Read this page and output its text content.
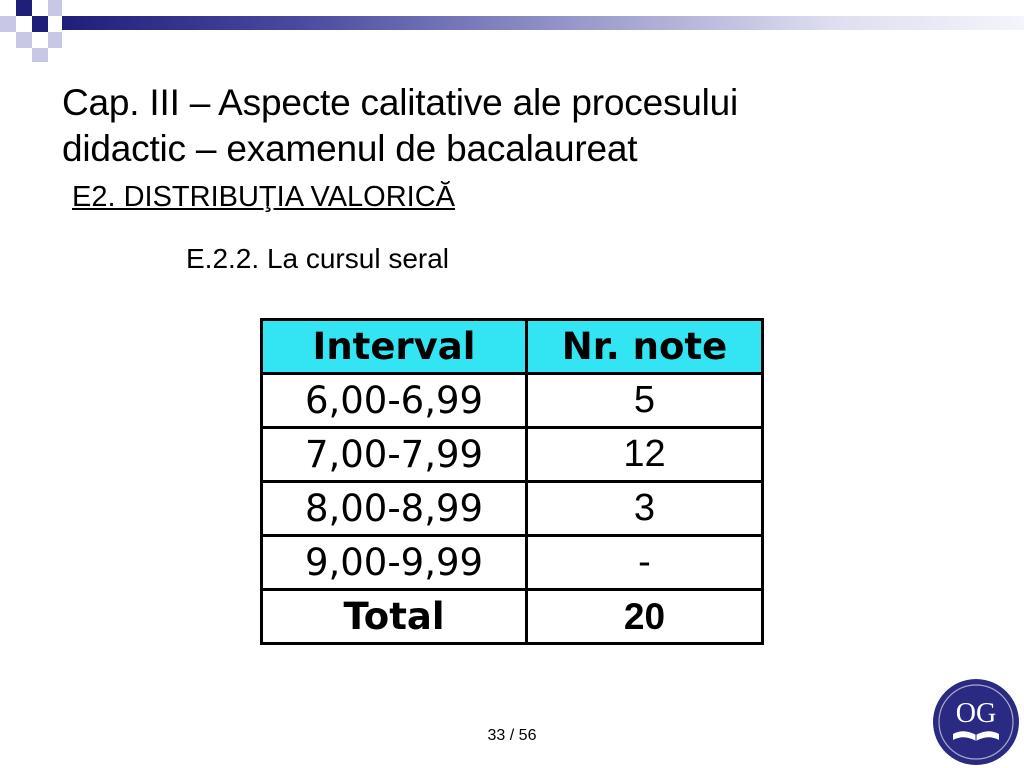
Cap. III – Aspecte calitative ale procesului
didactic – examenul de bacalaureat
E2. DISTRIBUŢIA VALORICĂ
E.2.2. La cursul seral
Interval	Nr. note
6,00-6,99	5
7,00-7,99	12
8,00-8,99	3
9,00-9,99	-
Total	20
33 / 56
OG
